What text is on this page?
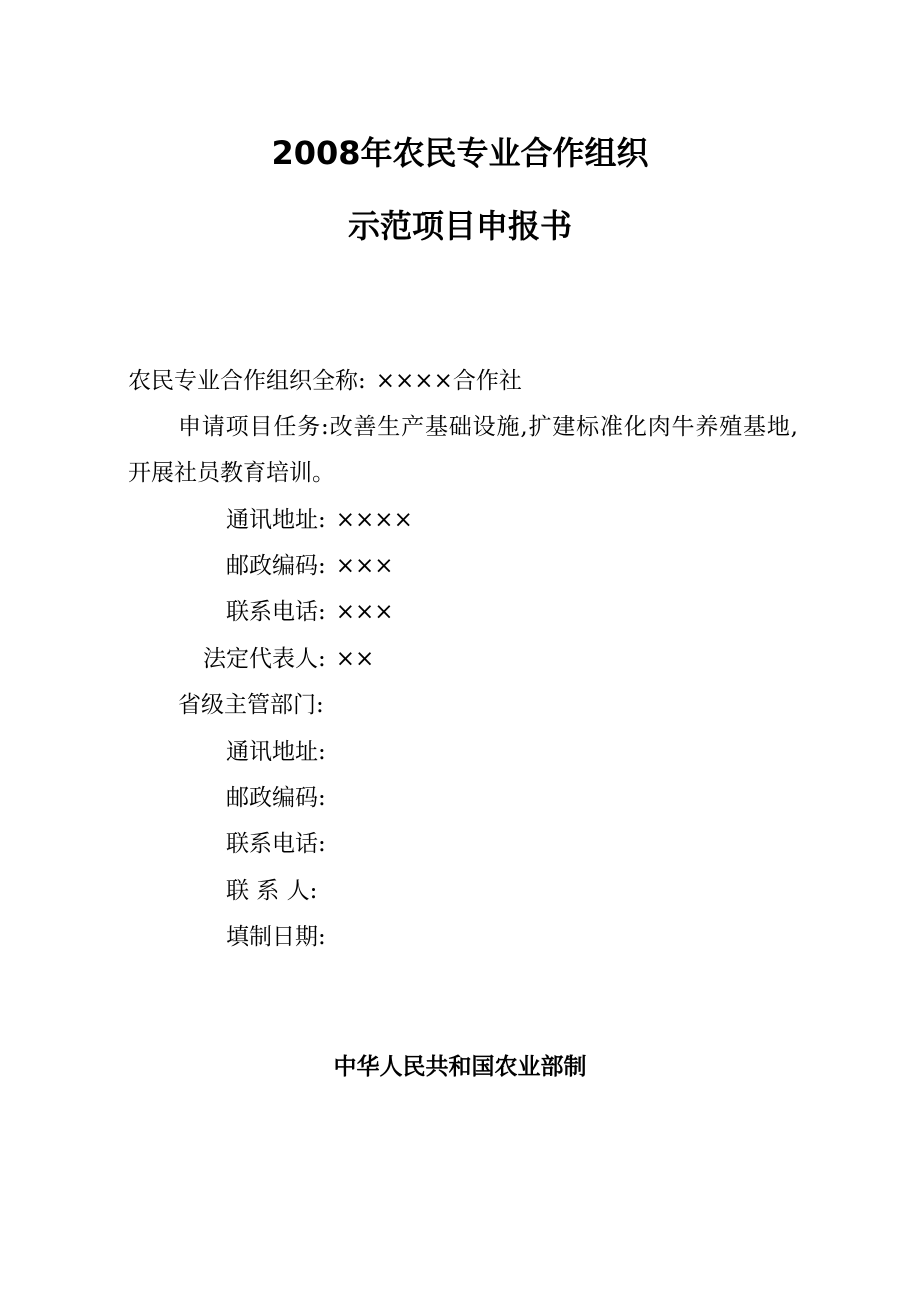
2008年农民专业合作组织
示范项目申报书
农民专业合作组织全称: ××××合作社
申请项目任务:改善生产基础设施,扩建标准化肉牛养殖基地,开展社员教育培训。
通讯地址: ××××
邮政编码: ×××
联系电话: ×××
法定代表人: ××
省级主管部门:
通讯地址:
邮政编码:
联系电话:
联 系 人:
填制日期:
中华人民共和国农业部制
